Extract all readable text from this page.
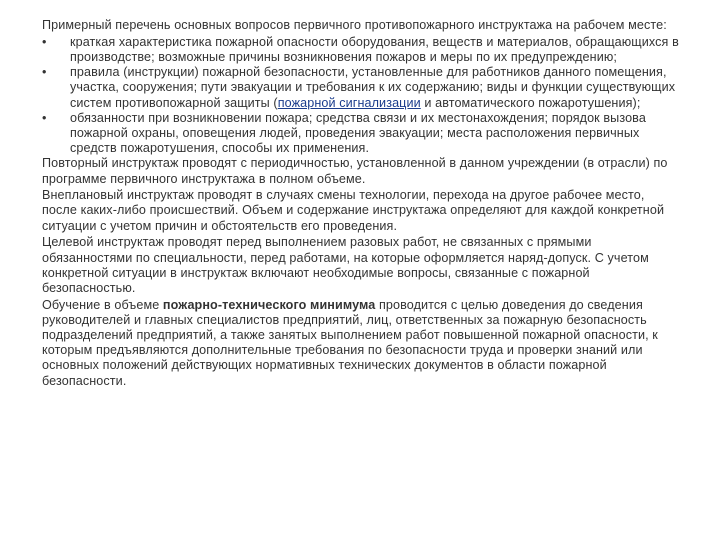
Примерный перечень основных вопросов первичного противопожарного инструктажа на рабочем месте:

•	краткая характеристика пожарной опасности оборудования, веществ и материалов, обращающихся в производстве; возможные причины возникновения пожаров и меры по их предупреждению;
•	правила (инструкции) пожарной безопасности, установленные для работников данного помещения, участка, сооружения; пути эвакуации и требования к их содержанию; виды и функции существующих систем противопожарной защиты (пожарной сигнализации и автоматического пожаротушения);
•	обязанности при возникновении пожара; средства связи и их местонахождения; порядок вызова пожарной охраны, оповещения людей, проведения эвакуации; места расположения первичных средств пожаротушения, способы их применения.

Повторный инструктаж проводят с периодичностью, установленной в данном учреждении (в отрасли) по программе первичного инструктажа в полном объеме.

Внеплановый инструктаж проводят в случаях смены технологии, перехода на другое рабочее место, после каких-либо происшествий. Объем и содержание инструктажа определяют для каждой конкретной ситуации с учетом причин и обстоятельств его проведения.

Целевой инструктаж проводят перед выполнением разовых работ, не связанных с прямыми обязанностями по специальности, перед работами, на которые оформляется наряд-допуск. С учетом конкретной ситуации в инструктаж включают необходимые вопросы, связанные с пожарной безопасностью.

Обучение в объеме пожарно-технического минимума проводится с целью доведения до сведения руководителей и главных специалистов предприятий, лиц, ответственных за пожарную безопасность подразделений предприятий, а также занятых выполнением работ повышенной пожарной опасности, к которым предъявляются дополнительные требования по безопасности труда и проверки знаний или основных положений действующих нормативных технических документов в области пожарной безопасности.
